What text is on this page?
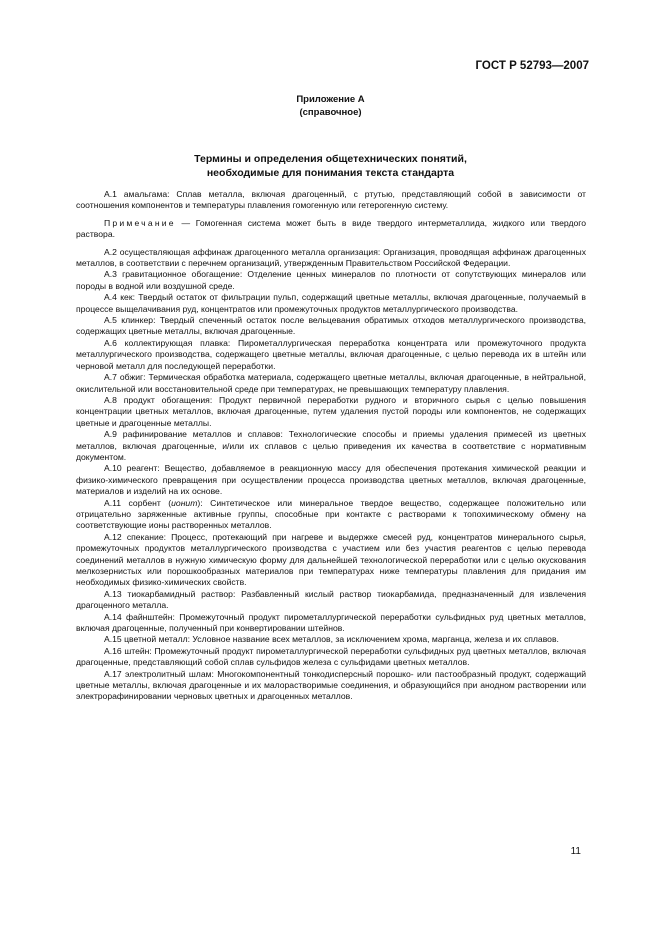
ГОСТ Р 52793—2007
Приложение А
(справочное)
Термины и определения общетехнических понятий,
необходимые для понимания текста стандарта

А.1 амальгама: Сплав металла, включая драгоценный, с ртутью, представляющий собой в зависимости от соотношения компонентов и температуры плавления гомогенную или гетерогенную систему.

Примечание — Гомогенная система может быть в виде твердого интерметаллида, жидкого или твердого раствора.

А.2 осуществляющая аффинаж драгоценного металла организация: Организация, проводящая аффинаж драгоценных металлов, в соответствии с перечнем организаций, утвержденным Правительством Российской Федерации.

А.3 гравитационное обогащение: Отделение ценных минералов по плотности от сопутствующих минералов или породы в водной или воздушной среде.

А.4 кек: Твердый остаток от фильтрации пульп, содержащий цветные металлы, включая драгоценные, получаемый в процессе выщелачивания руд, концентратов или промежуточных продуктов металлургического производства.

А.5 клинкер: Твердый спеченный остаток после вельцевания обратимых отходов металлургического производства, содержащих цветные металлы, включая драгоценные.

А.6 коллектирующая плавка: Пирометаллургическая переработка концентрата или промежуточного продукта металлургического производства, содержащего цветные металлы, включая драгоценные, с целью перевода их в штейн или черновой металл для последующей переработки.

А.7 обжиг: Термическая обработка материала, содержащего цветные металлы, включая драгоценные, в нейтральной, окислительной или восстановительной среде при температурах, не превышающих температуру плавления.

А.8 продукт обогащения: Продукт первичной переработки рудного и вторичного сырья с целью повышения концентрации цветных металлов, включая драгоценные, путем удаления пустой породы или компонентов, не содержащих цветные и драгоценные металлы.

А.9 рафинирование металлов и сплавов: Технологические способы и приемы удаления примесей из цветных металлов, включая драгоценные, и/или их сплавов с целью приведения их качества в соответствие с нормативным документом.

А.10 реагент: Вещество, добавляемое в реакционную массу для обеспечения протекания химической реакции и физико-химического превращения при осуществлении процесса производства цветных металлов, включая драгоценные, материалов и изделий на их основе.

А.11 сорбент (ионит): Синтетическое или минеральное твердое вещество, содержащее положительно или отрицательно заряженные активные группы, способные при контакте с растворами к топохимическому обмену на соответствующие ионы растворенных металлов.

А.12 спекание: Процесс, протекающий при нагреве и выдержке смесей руд, концентратов минерального сырья, промежуточных продуктов металлургического производства с участием или без участия реагентов с целью перевода соединений металлов в нужную химическую форму для дальнейшей технологической переработки или с целью окускования мелкозернистых или порошкообразных материалов при температурах ниже температуры плавления для придания им необходимых физико-химических свойств.

А.13 тиокарбамидный раствор: Разбавленный кислый раствор тиокарбамида, предназначенный для извлечения драгоценного металла.

А.14 файнштейн: Промежуточный продукт пирометаллургической переработки сульфидных руд цветных металлов, включая драгоценные, полученный при конвертировании штейнов.

А.15 цветной металл: Условное название всех металлов, за исключением хрома, марганца, железа и их сплавов.

А.16 штейн: Промежуточный продукт пирометаллургической переработки сульфидных руд цветных металлов, включая драгоценные, представляющий собой сплав сульфидов железа с сульфидами цветных металлов.

А.17 электролитный шлам: Многокомпонентный тонкодисперсный порошко- или пастообразный продукт, содержащий цветные металлы, включая драгоценные и их малорастворимые соединения, и образующийся при анодном растворении или электрорафинировании черновых цветных и драгоценных металлов.

11
